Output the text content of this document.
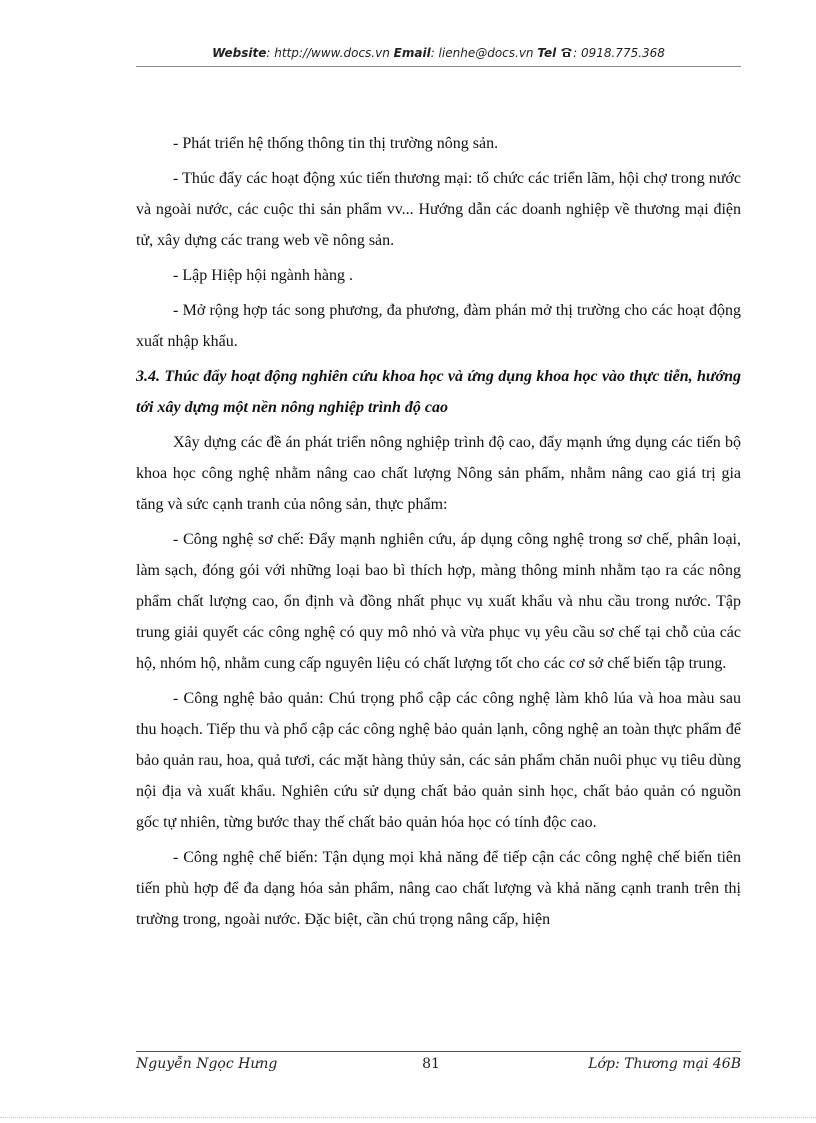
Website: http://www.docs.vn Email: lienhe@docs.vn Tel : 0918.775.368

- Phát triển hệ thống thông tin thị trường nông sản.

- Thúc đẩy các hoạt động xúc tiến thương mại: tổ chức các triển lãm, hội chợ trong nước và ngoài nước, các cuộc thi sản phẩm vv... Hướng dẫn các doanh nghiệp về thương mại điện tử, xây dựng các trang web về nông sản.

- Lập Hiệp hội ngành hàng .

- Mở rộng hợp tác song phương, đa phương, đàm phán mở thị trường cho các hoạt động xuất nhập khẩu.

3.4. Thúc đẩy hoạt động nghiên cứu khoa học và ứng dụng khoa học vào thực tiễn, hướng tới xây dựng một nền nông nghiệp trình độ cao

Xây dựng các đề án phát triển nông nghiệp trình độ cao, đẩy mạnh ứng dụng các tiến bộ khoa học công nghệ nhằm nâng cao chất lượng Nông sản phẩm, nhằm nâng cao giá trị gia tăng và sức cạnh tranh của nông sản, thực phẩm:

- Công nghệ sơ chế: Đẩy mạnh nghiên cứu, áp dụng công nghệ trong sơ chế, phân loại, làm sạch, đóng gói với những loại bao bì thích hợp, màng thông minh nhằm tạo ra các nông phẩm chất lượng cao, ổn định và đồng nhất phục vụ xuất khẩu và nhu cầu trong nước. Tập trung giải quyết các công nghệ có quy mô nhỏ và vừa phục vụ yêu cầu sơ chế tại chỗ của các hộ, nhóm hộ, nhằm cung cấp nguyên liệu có chất lượng tốt cho các cơ sở chế biến tập trung.

- Công nghệ bảo quản: Chú trọng phổ cập các công nghệ làm khô lúa và hoa màu sau thu hoạch. Tiếp thu và phổ cập các công nghệ bảo quản lạnh, công nghệ an toàn thực phẩm để bảo quản rau, hoa, quả tươi, các mặt hàng thủy sản, các sản phẩm chăn nuôi phục vụ tiêu dùng nội địa và xuất khẩu. Nghiên cứu sử dụng chất bảo quản sinh học, chất bảo quản có nguồn gốc tự nhiên, từng bước thay thế chất bảo quản hóa học có tính độc cao.

- Công nghệ chế biến: Tận dụng mọi khả năng để tiếp cận các công nghệ chế biến tiên tiến phù hợp để đa dạng hóa sản phẩm, nâng cao chất lượng và khả năng cạnh tranh trên thị trường trong, ngoài nước. Đặc biệt, cần chú trọng nâng cấp, hiện

Nguyễn Ngọc Hưng	81	Lớp: Thương mại 46B
